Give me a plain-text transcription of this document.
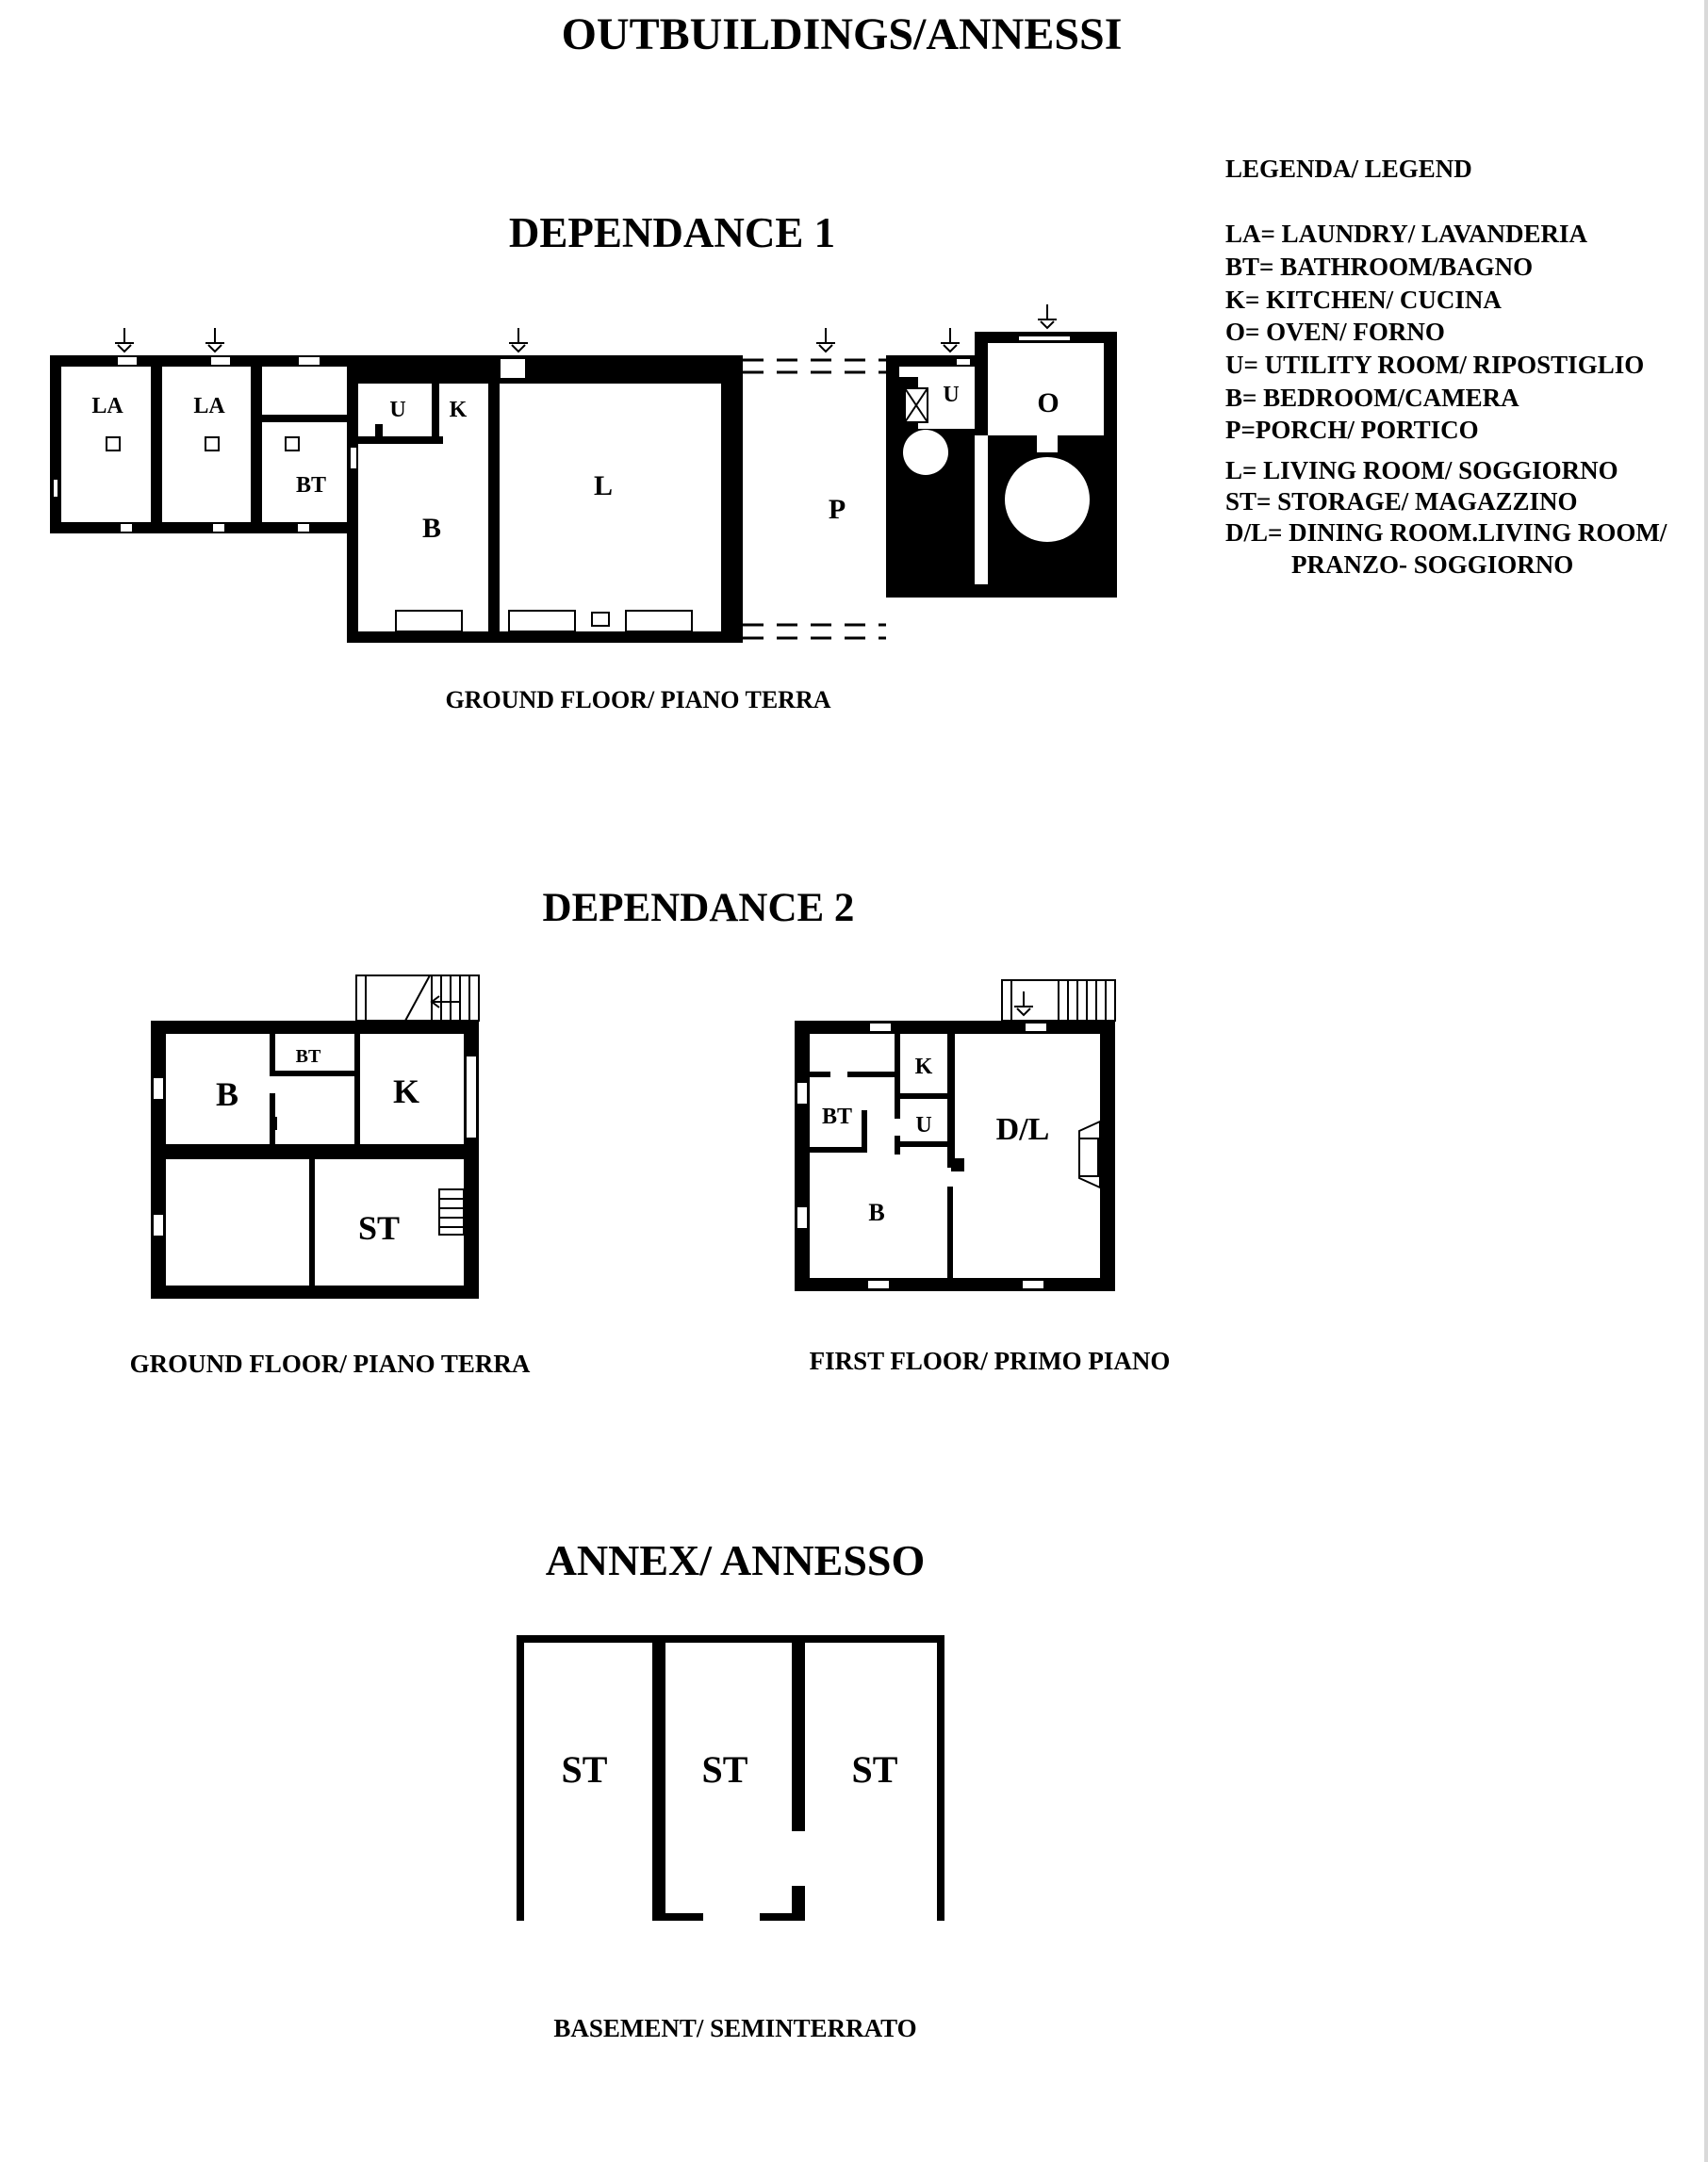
OUTBUILDINGS/ANNESSI
LEGENDA/ LEGEND
LA= LAUNDRY/ LAVANDERIA
BT= BATHROOM/BAGNO
K= KITCHEN/ CUCINA
O= OVEN/ FORNO
U= UTILITY ROOM/ RIPOSTIGLIO
B= BEDROOM/CAMERA
P=PORCH/ PORTICO
L= LIVING ROOM/ SOGGIORNO
ST= STORAGE/ MAGAZZINO
D/L= DINING ROOM.LIVING ROOM/
PRANZO- SOGGIORNO
DEPENDANCE 1
LA	LA
BT
U K
B
L
P
U	O
GROUND FLOOR/ PIANO TERRA
DEPENDANCE 2
B
BT
K
ST
GROUND FLOOR/ PIANO TERRA
K
BT	U D/L
B
FIRST FLOOR/ PRIMO PIANO
ANNEX/ ANNESSO
ST	ST	ST
BASEMENT/ SEMINTERRATO
